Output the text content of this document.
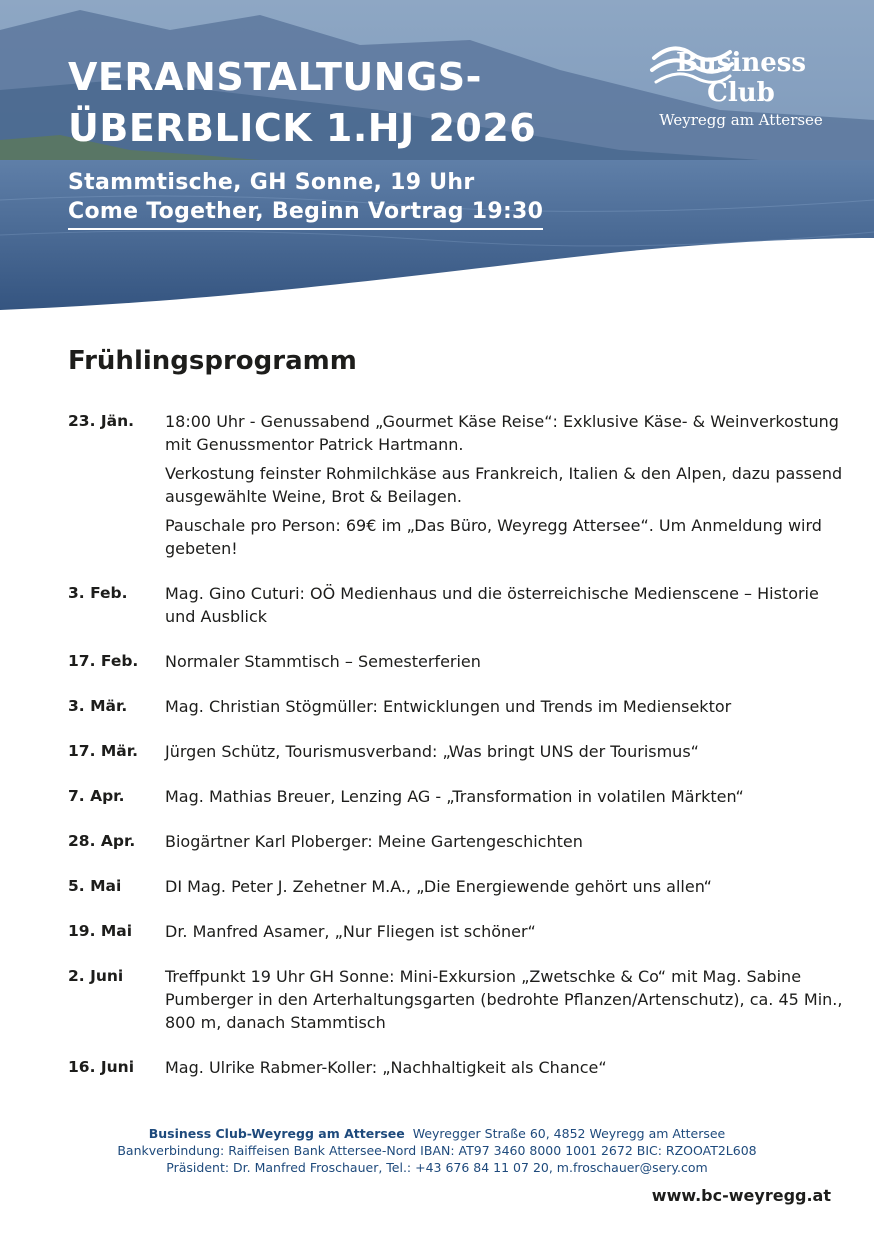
VERANSTALTUNGS-
ÜBERBLICK 1.HJ 2026
Stammtische, GH Sonne, 19 Uhr
Come Together, Beginn Vortrag 19:30
Business Club
Weyregg am Attersee
Frühlingsprogramm
23. Jän.	18:00 Uhr - Genussabend „Gourmet Käse Reise“: Exklusive Käse- & Weinverkostung mit Genussmentor Patrick Hartmann.

Verkostung feinster Rohmilchkäse aus Frankreich, Italien & den Alpen, dazu passend ausgewählte Weine, Brot & Beilagen.

Pauschale pro Person: 69€ im „Das Büro, Weyregg Attersee“. Um Anmeldung wird gebeten!

3. Feb.	Mag. Gino Cuturi: OÖ Medienhaus und die österreichische Medienscene – Historie und Ausblick

17. Feb.	Normaler Stammtisch – Semesterferien

3. Mär.	Mag. Christian Stögmüller: Entwicklungen und Trends im Mediensektor

17. Mär.	Jürgen Schütz, Tourismusverband: „Was bringt UNS der Tourismus“

7. Apr.	Mag. Mathias Breuer, Lenzing AG - „Transformation in volatilen Märkten“

28. Apr.	Biogärtner Karl Ploberger: Meine Gartengeschichten

5. Mai	DI Mag. Peter J. Zehetner M.A., „Die Energiewende gehört uns allen“

19. Mai	Dr. Manfred Asamer, „Nur Fliegen ist schöner“

2. Juni	Treffpunkt 19 Uhr GH Sonne: Mini-Exkursion „Zwetschke & Co“ mit Mag. Sabine Pumberger in den Arterhaltungsgarten (bedrohte Pflanzen/Artenschutz), ca. 45 Min., 800 m, danach Stammtisch

16. Juni	Mag. Ulrike Rabmer-Koller: „Nachhaltigkeit als Chance“

Business Club-Weyregg am Attersee Weyregger Straße 60, 4852 Weyregg am Attersee
Bankverbindung: Raiffeisen Bank Attersee-Nord IBAN: AT97 3460 8000 1001 2672 BIC: RZOOAT2L608
Präsident: Dr. Manfred Froschauer, Tel.: +43 676 84 11 07 20, m.froschauer@sery.com
www.bc-weyregg.at
